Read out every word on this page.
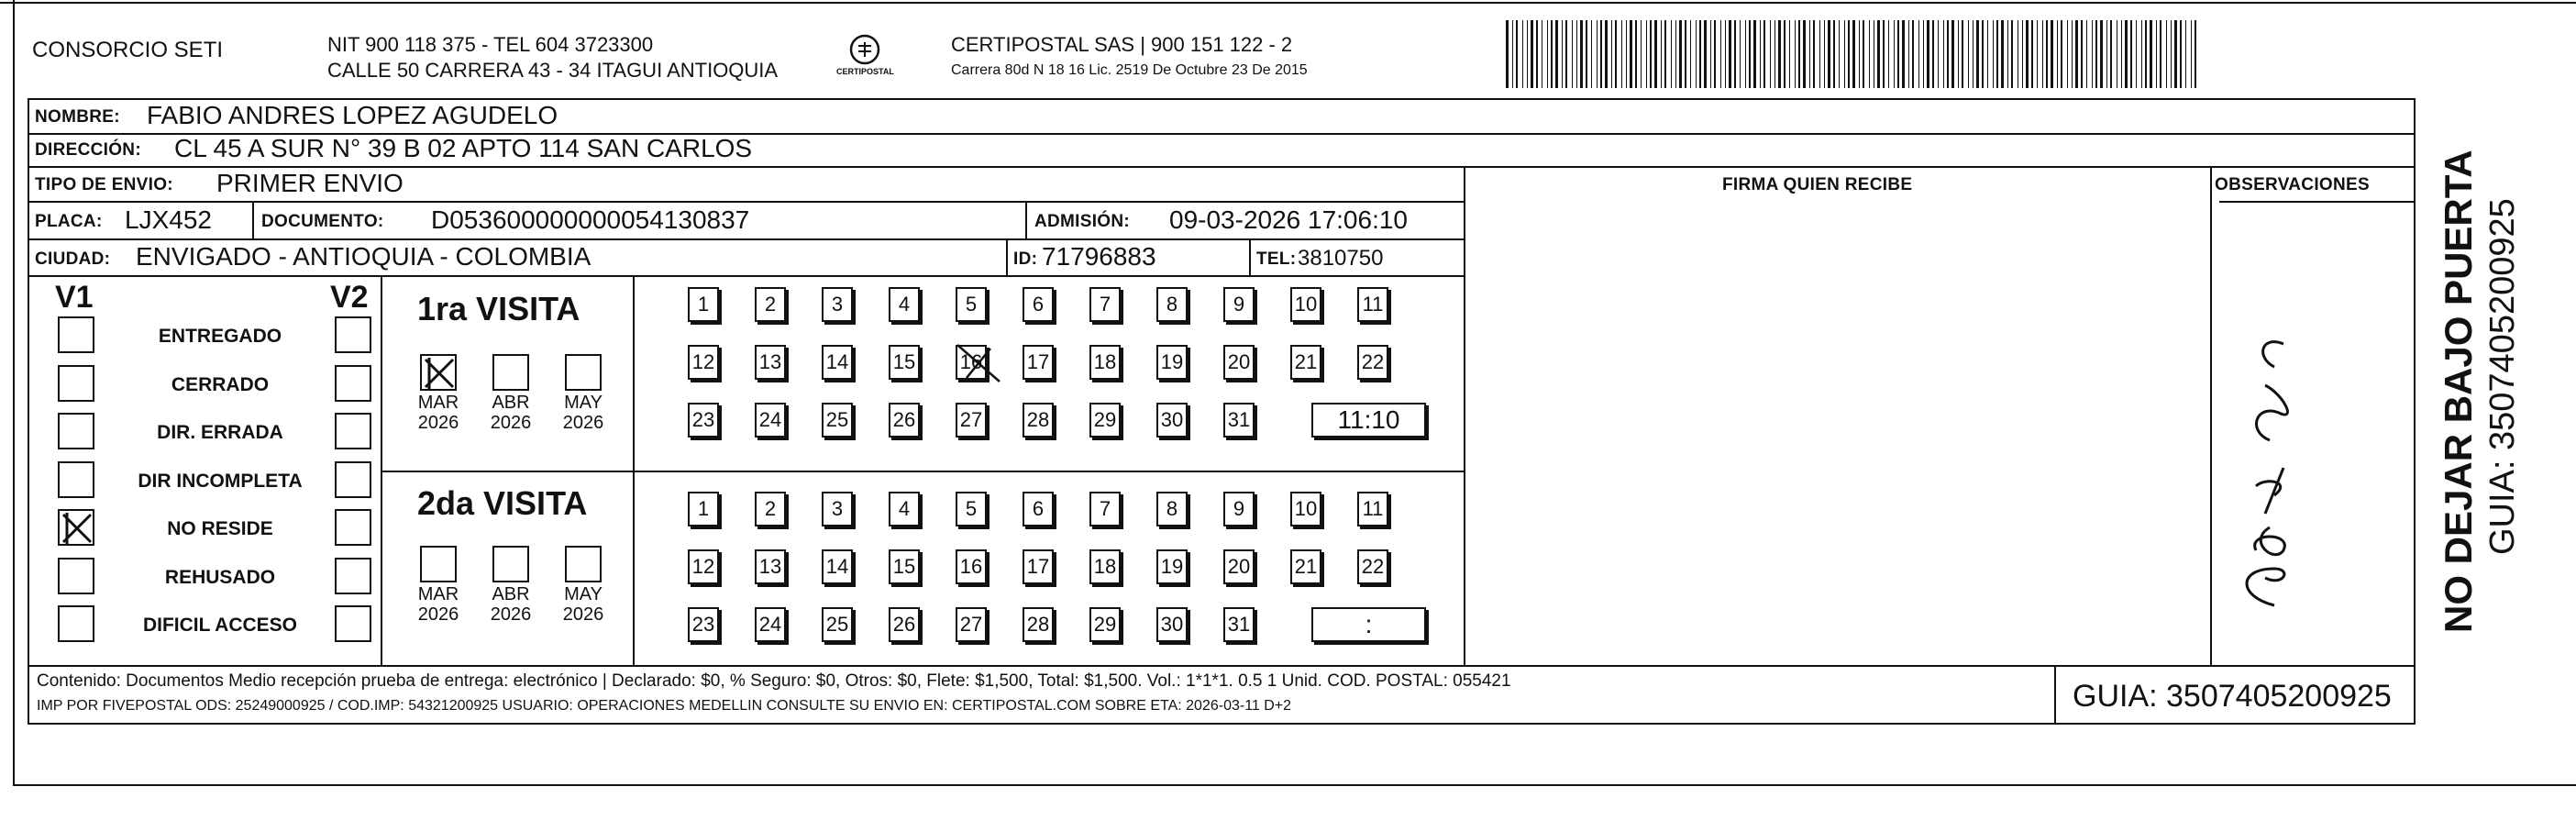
CONSORCIO SETI	NIT 900 118 375 - TEL 604 3723300
CALLE 50 CARRERA 43 - 34 ITAGUI ANTIOQUIA	CERTIPOSTAL
CERTIPOSTAL SAS | 900 151 122 - 2
Carrera 80d N 18 16 Lic. 2519 De Octubre 23 De 2015
NOMBRE: FABIO ANDRES LOPEZ AGUDELO
DIRECCIÓN: CL 45 A SUR N° 39 B 02 APTO 114 SAN CARLOS
TIPO DE ENVIO: PRIMER ENVIO	FIRMA QUIEN RECIBE	OBSERVACIONES
PLACA: LJX452	DOCUMENTO: D053600000000054130837	ADMISIÓN: 09-03-2026 17:06:10
CIUDAD: ENVIGADO - ANTIOQUIA - COLOMBIA	ID: 71796883	TEL: 3810750
V1	V2
ENTREGADO
CERRADO
DIR. ERRADA
DIR INCOMPLETA
NO RESIDE
REHUSADO
DIFICIL ACCESO
1ra VISITA
MAR
2026
ABR
2026
MAY
2026
1	2	3	4	5	6	7	8	9	10 11
12 13 14 15 16 17 18 19 20 21 22
23 24 25 26 27 28 29 30 31	11:10
2da VISITA
MAR
2026
ABR
2026
MAY
2026
1	2	3	4	5	6	7	8	9	10 11
12 13 14 15 16 17 18 19 20 21 22
23 24 25 26 27 28 29 30 31	:
Contenido: Documentos Medio recepción prueba de entrega: electrónico | Declarado: $0, % Seguro: $0, Otros: $0, Flete: $1,500, Total: $1,500. Vol.: 1*1*1. 0.5 1 Unid. COD. POSTAL: 055421
IMP POR FIVEPOSTAL ODS: 25249000925 / COD.IMP: 54321200925 USUARIO: OPERACIONES MEDELLIN CONSULTE SU ENVIO EN: CERTIPOSTAL.COM SOBRE ETA: 2026-03-11 D+2	GUIA: 3507405200925
NO DEJAR BAJO PUERTA GUIA: 3507405200925
